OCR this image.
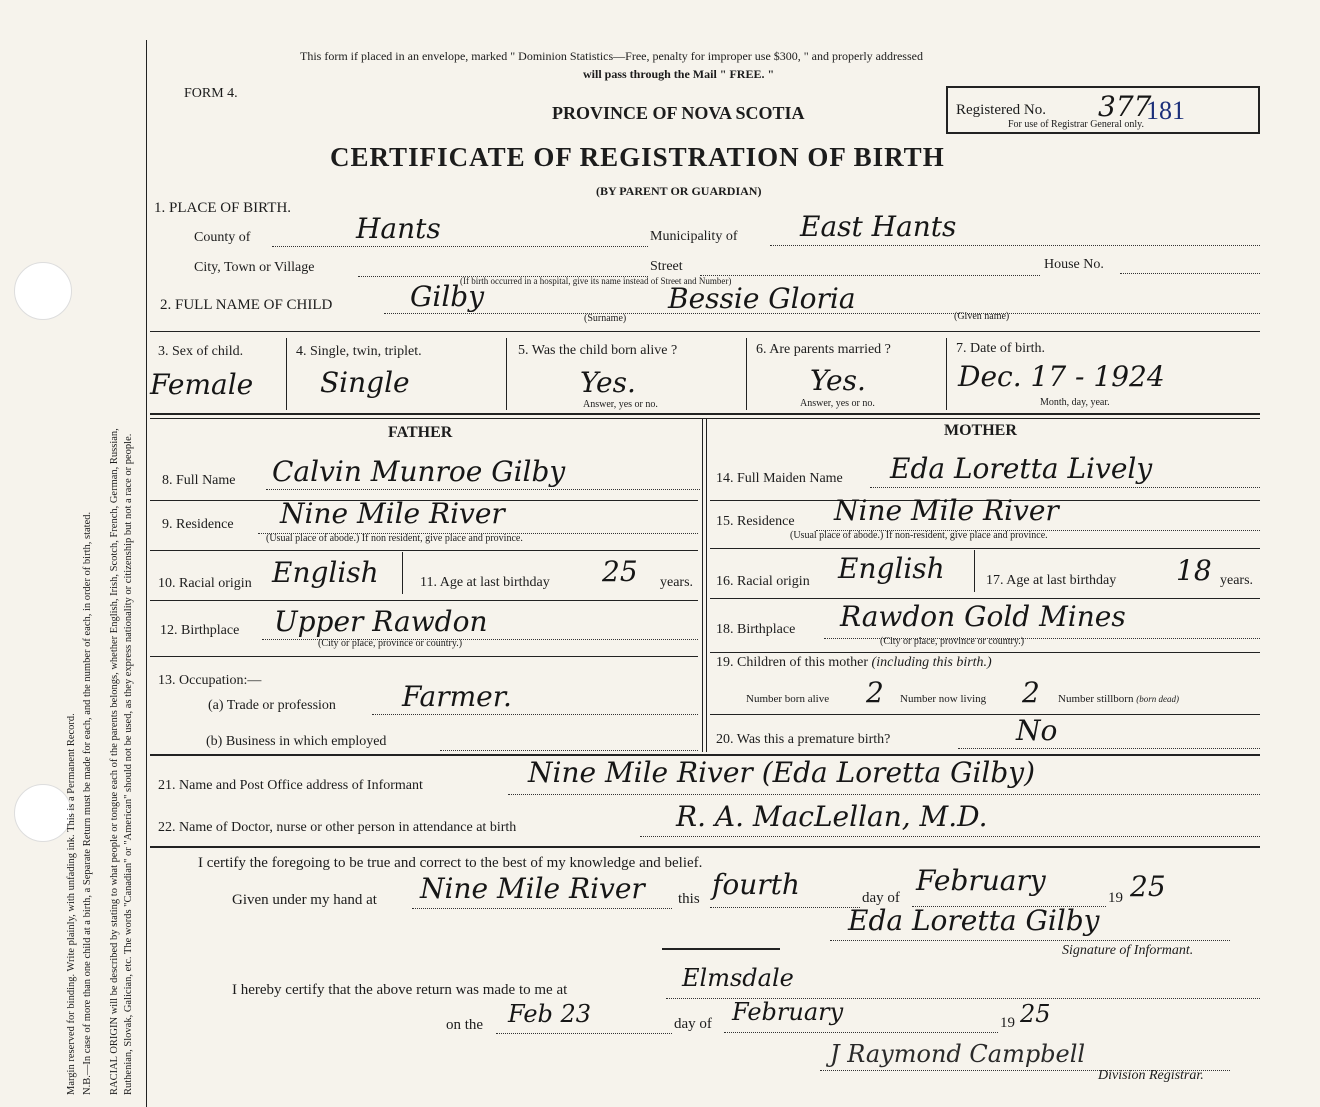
Margin reserved for binding. Write plainly, with unfading ink. This is a Permanent Record. N.B.—In case of more than one child at a birth, a Separate Return must be made for each, and the number of each, in order of birth, stated. RACIAL ORIGIN will be described by stating to what people or tongue each of the parents belongs, whether English, Irish, Scotch, French, German, Russian, Ruthenian, Slovak, Galician, etc. The words "Canadian" or "American" should not be used, as they express nationality or citizenship but not a race or people.
This form if placed in an envelope, marked " Dominion Statistics—Free, penalty for improper use $300, " and properly addressed
will pass through the Mail " FREE. "
FORM 4.
PROVINCE OF NOVA SCOTIA	Registered No. 377
181
For use of Registrar General only.
CERTIFICATE OF REGISTRATION OF BIRTH
(BY PARENT OR GUARDIAN)
1. PLACE OF BIRTH.
County of	Hants	Municipality of East Hants
City, Town or Village	Street	House No.
(If birth occurred in a hospital, give its name instead of Street and Number)
2. FULL NAME OF CHILD	Gilby
(Surname)
Bessie Gloria
(Given name)
3. Sex of child.
Female
4. Single, twin, triplet.
Single
5. Was the child born alive ?
Yes.
Answer, yes or no.
6. Are parents married ?
Yes.
Answer, yes or no.
7. Date of birth.
Dec. 17 - 1924
Month, day, year.
FATHER	MOTHER
8. Full Name Calvin Munroe Gilby
9. Residence Nine Mile River
(Usual place of abode.) If non resident, give place and province.
10. Racial origin English	11. Age at last birthday 25 years.
12. Birthplace Upper Rawdon
(City or place, province or country.)
13. Occupation:—
(a) Trade or profession Farmer.
(b) Business in which employed
14. Full Maiden Name Eda Loretta Lively
15. Residence Nine Mile River
(Usual place of abode.) If non-resident, give place and province.
16. Racial origin English	17. Age at last birthday 18 years.
18. Birthplace Rawdon Gold Mines
(City or place, province or country.)
19. Children of this mother (including this birth.)
Number born alive 2 Number now living 2 Number stillborn (born dead)
20. Was this a premature birth?	No
21. Name and Post Office address of Informant	Nine Mile River (Eda Loretta Gilby)
22. Name of Doctor, nurse or other person in attendance at birth	R. A. MacLellan, M.D.
I certify the foregoing to be true and correct to the best of my knowledge and belief.
Given under my hand at Nine Mile River this fourth	day of
February
19 25
Eda Loretta Gilby
Signature of Informant.
I hereby certify that the above return was made to me at	Elmsdale
on the Feb 23	day of February	19 25
J Raymond Campbell
Division Registrar.
